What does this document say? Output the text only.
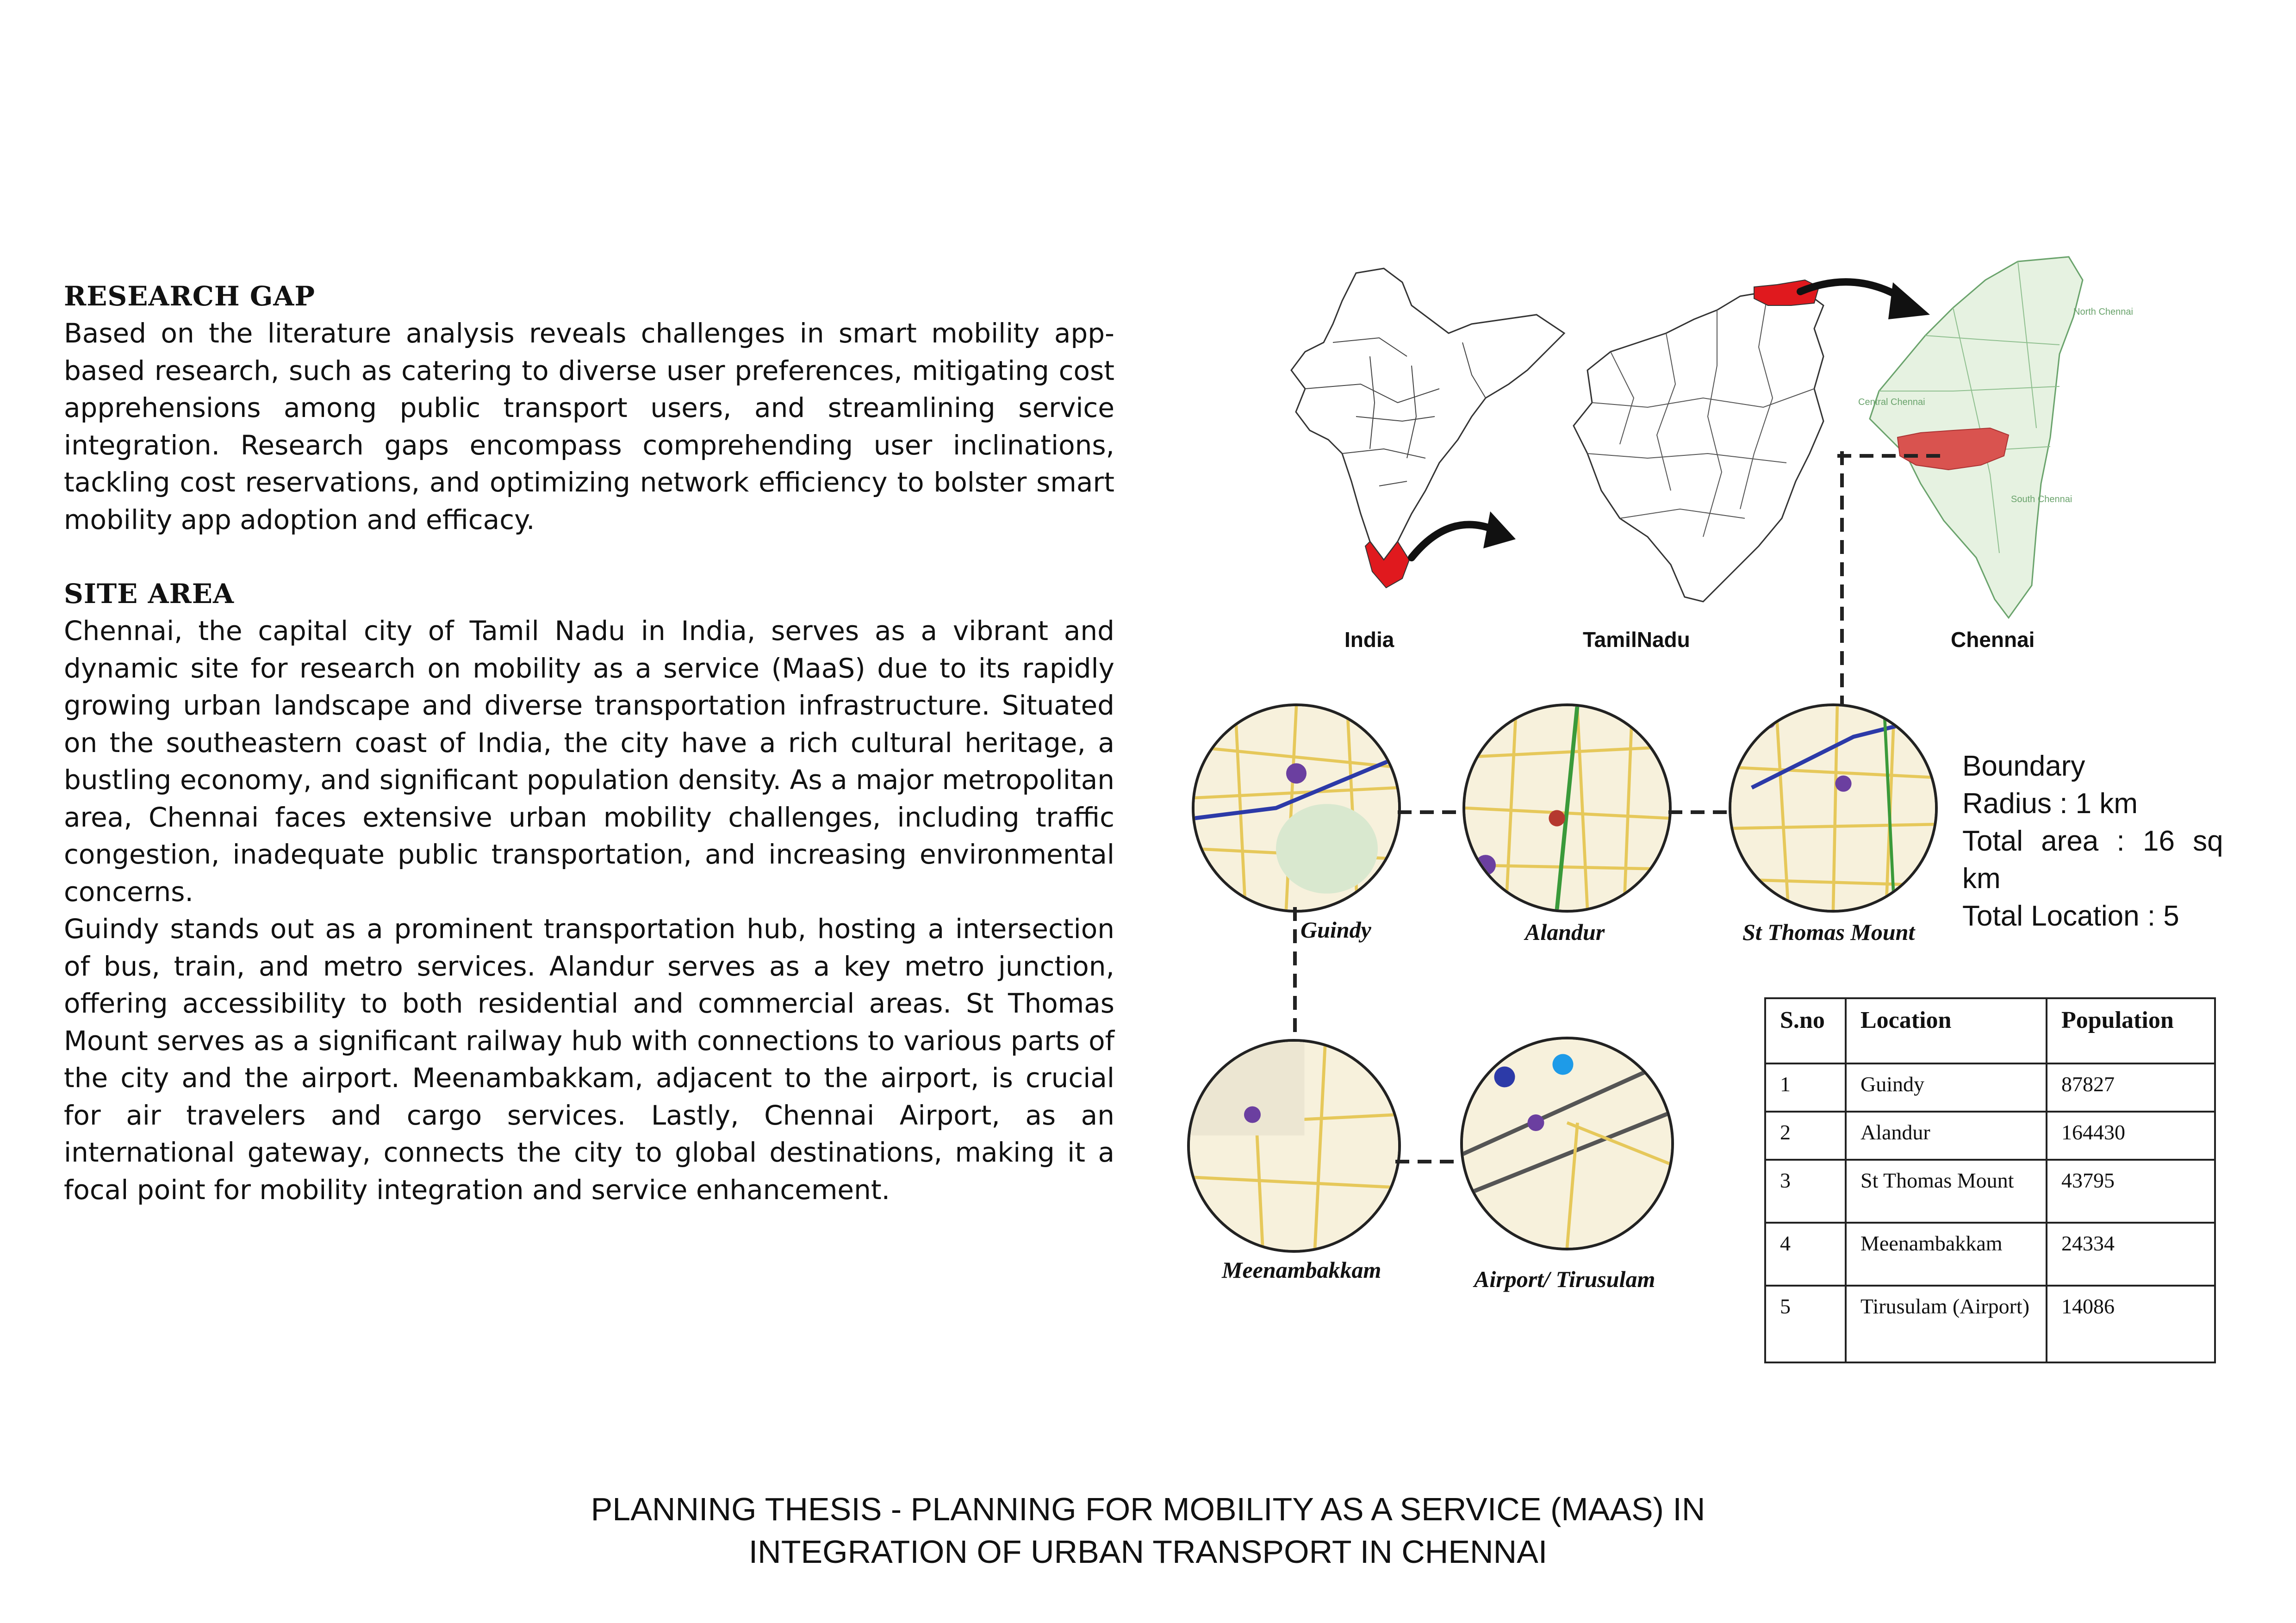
RESEARCH GAP

Based on the literature analysis reveals challenges in smart mobility app-based research, such as catering to diverse user preferences, mitigating cost apprehensions among public transport users, and streamlining service integration. Research gaps encompass comprehending user inclinations, tackling cost reservations, and optimizing network efficiency to bolster smart mobility app adoption and efficacy.

SITE AREA

Chennai, the capital city of Tamil Nadu in India, serves as a vibrant and dynamic site for research on mobility as a service (MaaS) due to its rapidly growing urban landscape and diverse transportation infrastructure. Situated on the southeastern coast of India, the city have a rich cultural heritage, a bustling economy, and significant population density. As a major metropolitan area, Chennai faces extensive urban mobility challenges, including traffic congestion, inadequate public transportation, and increasing environmental concerns.

Guindy stands out as a prominent transportation hub, hosting a intersection of bus, train, and metro services. Alandur serves as a key metro junction, offering accessibility to both residential and commercial areas. St Thomas Mount serves as a significant railway hub with connections to various parts of the city and the airport. Meenambakkam, adjacent to the airport, is crucial for air travelers and cargo services. Lastly, Chennai Airport, as an international gateway, connects the city to global destinations, making it a focal point for mobility integration and service enhancement.

North Chennai
Central Chennai
South Chennai
India	TamilNadu	Chennai
Guindy	Alandur	St Thomas Mount
Meenambakkam	Airport/ Tirusulam
Boundary
Radius : 1 km
Total area : 16 sq
km
Total Location : 5
S.no	Location	Population
1	Guindy	87827
2	Alandur	164430
3	St Thomas Mount	43795
4	Meenambakkam	24334
5	Tirusulam (Airport)	14086
PLANNING THESIS - PLANNING FOR MOBILITY AS A SERVICE (MAAS) IN
INTEGRATION OF URBAN TRANSPORT IN CHENNAI
